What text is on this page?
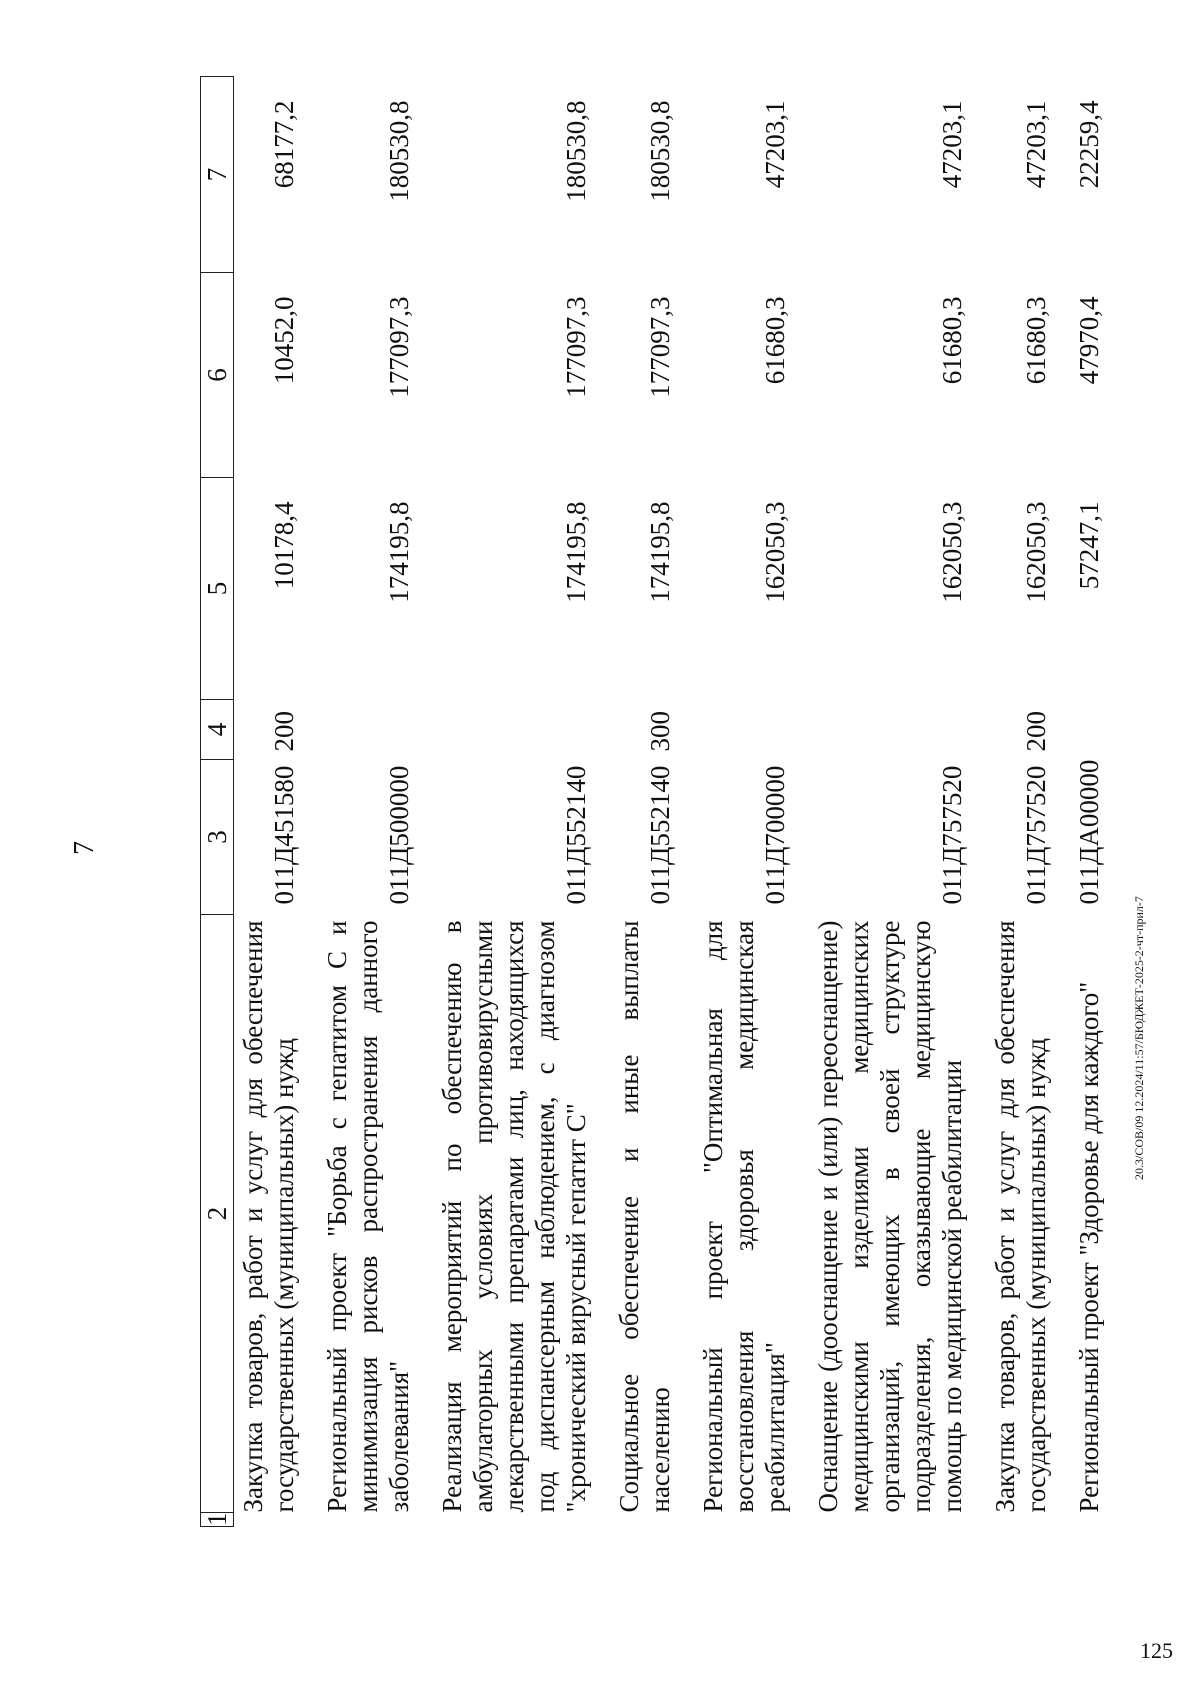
7
1	2	3	4	5	6	7
	Закупка товаров, работ и услуг для обеспечения государственных (муниципальных) нужд	011Д451580	200	10178,4	10452,0	68177,2
	Региональный проект "Борьба с гепатитом С и минимизация рисков распространения данного заболевания"	011Д500000		174195,8	177097,3	180530,8
	Реализация мероприятий по обеспечению в амбулаторных условиях противовирусными лекарственными препаратами лиц, находящихся под диспансерным наблюдением, с диагнозом "хронический вирусный гепатит С"	011Д552140		174195,8	177097,3	180530,8
	Социальное обеспечение и иные выплаты населению	011Д552140	300	174195,8	177097,3	180530,8
	Региональный проект "Оптимальная для восстановления здоровья медицинская реабилитация"	011Д700000		162050,3	61680,3	47203,1
	Оснащение (дооснащение и (или) переоснащение) медицинскими изделиями медицинских организаций, имеющих в своей структуре подразделения, оказывающие медицинскую помощь по медицинской реабилитации	011Д757520		162050,3	61680,3	47203,1
	Закупка товаров, работ и услуг для обеспечения государственных (муниципальных) нужд	011Д757520	200	162050,3	61680,3	47203,1
	Региональный проект "Здоровье для каждого"	011ДА00000		57247,1	47970,4	22259,4
20.3/СОВ/09 12.2024/11:57/БЮДЖЕТ-2025-2-чт-прил-7
125
